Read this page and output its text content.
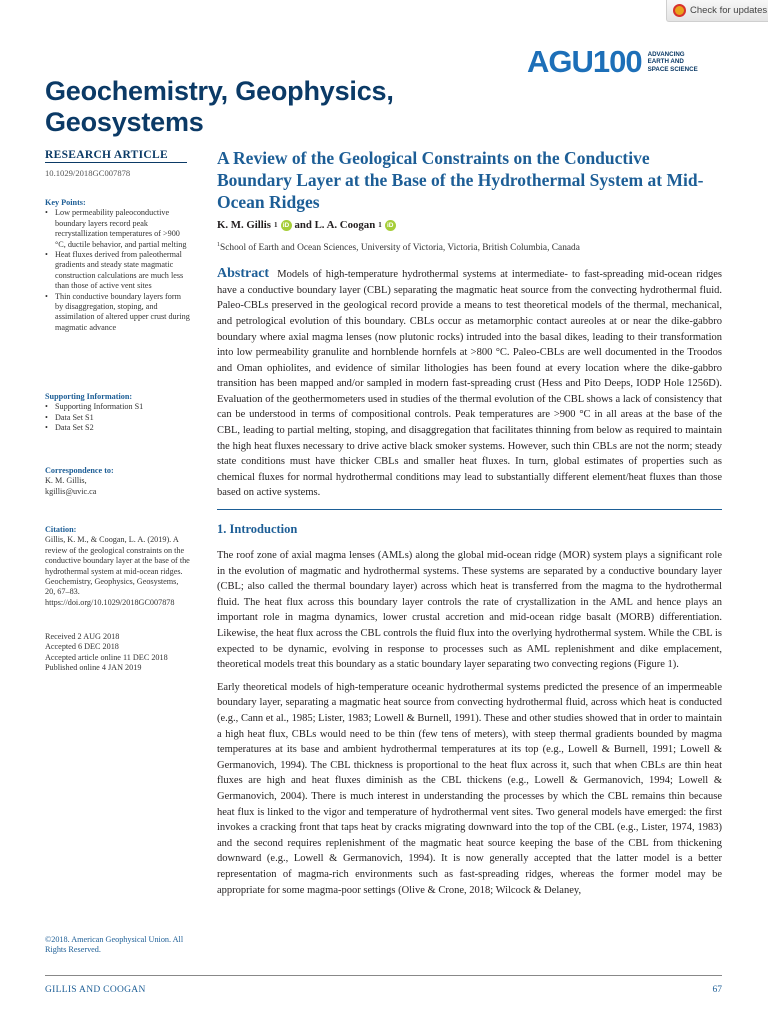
Check for updates
AGU100 ADVANCING
EARTH AND
SPACE SCIENCE
Geochemistry, Geophysics, Geosystems
RESEARCH ARTICLE
10.1029/2018GC007878
Key Points:
• Low permeability paleoconductive boundary layers record peak recrystallization temperatures of >900 °C, ductile behavior, and partial melting
• Heat fluxes derived from paleothermal gradients and steady state magmatic construction calculations are much less than those of active vent sites
• Thin conductive boundary layers form by disaggregation, stoping, and assimilation of altered upper crust during magmatic advance
Supporting Information:
• Supporting Information S1
• Data Set S1
• Data Set S2
Correspondence to:
K. M. Gillis,
kgillis@uvic.ca
Citation:
Gillis, K. M., & Coogan, L. A. (2019). A review of the geological constraints on the conductive boundary layer at the base of the hydrothermal system at mid-ocean ridges. Geochemistry, Geophysics, Geosystems, 20, 67–83. https://doi.org/10.1029/2018GC007878
Received 2 AUG 2018
Accepted 6 DEC 2018
Accepted article online 11 DEC 2018
Published online 4 JAN 2019
©2018. American Geophysical Union. All Rights Reserved.
A Review of the Geological Constraints on the Conductive Boundary Layer at the Base of the Hydrothermal System at Mid-Ocean Ridges
K. M. Gillis 1 iD and L. A. Coogan 1 iD
$^1$School of Earth and Ocean Sciences, University of Victoria, Victoria, British Columbia, Canada

Abstract Models of high-temperature hydrothermal systems at intermediate- to fast-spreading mid-ocean ridges have a conductive boundary layer (CBL) separating the magmatic heat source from the convecting hydrothermal fluid. Paleo-CBLs preserved in the geological record provide a means to test theoretical models of the thermal, mechanical, and petrological evolution of this boundary. CBLs occur as metamorphic contact aureoles at or near the dike-gabbro boundary where axial magma lenses (now plutonic rocks) intruded into the basal dikes, leading to their transformation into low permeability granulite and hornblende hornfels at >800 °C. Paleo-CBLs are well documented in the Troodos and Oman ophiolites, and evidence of similar lithologies has been found at every location where the dike-gabbro transition has been mapped and/or sampled in modern fast-spreading crust (Hess and Pito Deeps, IODP Hole 1256D). Evaluation of the geothermometers used in studies of the thermal evolution of the CBL shows a lack of consistency that can be understood in terms of compositional controls. Peak temperatures are >900 °C in all areas at the base of the CBL, leading to partial melting, stoping, and disaggregation that facilitates thinning from below as required to maintain the high heat fluxes necessary to drive active black smoker systems. However, such thin CBLs are not the norm; steady state conditions must have thicker CBLs and smaller heat fluxes. In turn, global estimates of properties such as chemical fluxes for normal hydrothermal conditions may lead to substantially different element/heat fluxes than those based on active systems.

1. Introduction

The roof zone of axial magma lenses (AMLs) along the global mid-ocean ridge (MOR) system plays a significant role in the evolution of magmatic and hydrothermal systems. These systems are separated by a conductive boundary layer (CBL; also called the thermal boundary layer) across which heat is transferred from the magma to the hydrothermal fluid. The heat flux across this boundary layer controls the rate of crystallization in the AML and hence plays an important role in magma dynamics, lower crustal accretion and mid-ocean ridge basalt (MORB) differentiation. Likewise, the heat flux across the CBL controls the fluid flux into the overlying hydrothermal system. While the CBL is expected to be dynamic, evolving in response to processes such as AML replenishment and dike emplacement, theoretical models treat this boundary as a static boundary layer separating two convecting regions (Figure 1).

Early theoretical models of high-temperature oceanic hydrothermal systems predicted the presence of an impermeable boundary layer, separating a magmatic heat source from convecting hydrothermal fluid, across which heat is conducted (e.g., Cann et al., 1985; Lister, 1983; Lowell & Burnell, 1991). These and other studies showed that in order to maintain a high heat flux, CBLs would need to be thin (few tens of meters), with steep thermal gradients bounded by magma temperatures at its base and ambient hydrothermal temperatures at its top (e.g., Lowell & Burnell, 1991; Lowell & Germanovich, 1994). The CBL thickness is proportional to the heat flux across it, such that when CBLs are thin heat fluxes are high and heat fluxes diminish as the CBL thickens (e.g., Lowell & Germanovich, 1994; Lowell & Germanovich, 2004). There is much interest in understanding the processes by which the CBL remains thin because heat flux is linked to the vigor and temperature of hydrothermal vent sites. Two general models have emerged: the first invokes a cracking front that taps heat by cracks migrating downward into the top of the CBL (e.g., Lister, 1974, 1983) and the second requires replenishment of the magmatic heat source keeping the base of the CBL from thickening downward (e.g., Lowell & Germanovich, 1994). It is now generally accepted that the latter model is a better representation of magma-rich environments such as fast-spreading ridges, whereas the former model may be appropriate for some magma-poor settings (Olive & Crone, 2018; Wilcock & Delaney,

GILLIS AND COOGAN	67
